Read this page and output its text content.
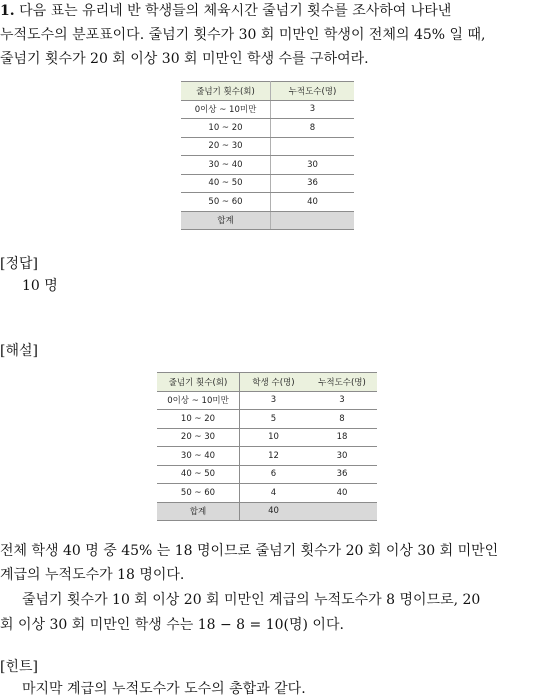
1. 다음 표는 유리네 반 학생들의 체육시간 줄넘기 횟수를 조사하여 나타낸
누적도수의 분포표이다. 줄넘기 횟수가 30 회 미만인 학생이 전체의 45% 일 때,
줄넘기 횟수가 20 회 이상 30 회 미만인 학생 수를 구하여라.
줄넘기 횟수(회)	누적도수(명)
0이상 ~ 10미만	3
10 ~ 20	8
20 ~ 30	
30 ~ 40	30
40 ~ 50	36
50 ~ 60	40
합계	
[정답]
10 명
[해설]
줄넘기 횟수(회)	학생 수(명)	누적도수(명)
0이상 ~ 10미만	3	3
10 ~ 20	5	8
20 ~ 30	10	18
30 ~ 40	12	30
40 ~ 50	6	36
50 ~ 60	4	40
합계	40	
전체 학생 40 명 중 45% 는 18 명이므로 줄넘기 횟수가 20 회 이상 30 회 미만인
계급의 누적도수가 18 명이다.
줄넘기 횟수가 10 회 이상 20 회 미만인 계급의 누적도수가 8 명이므로, 20
회 이상 30 회 미만인 학생 수는 18 − 8 = 10(명) 이다.
[힌트]
마지막 계급의 누적도수가 도수의 총합과 같다.
